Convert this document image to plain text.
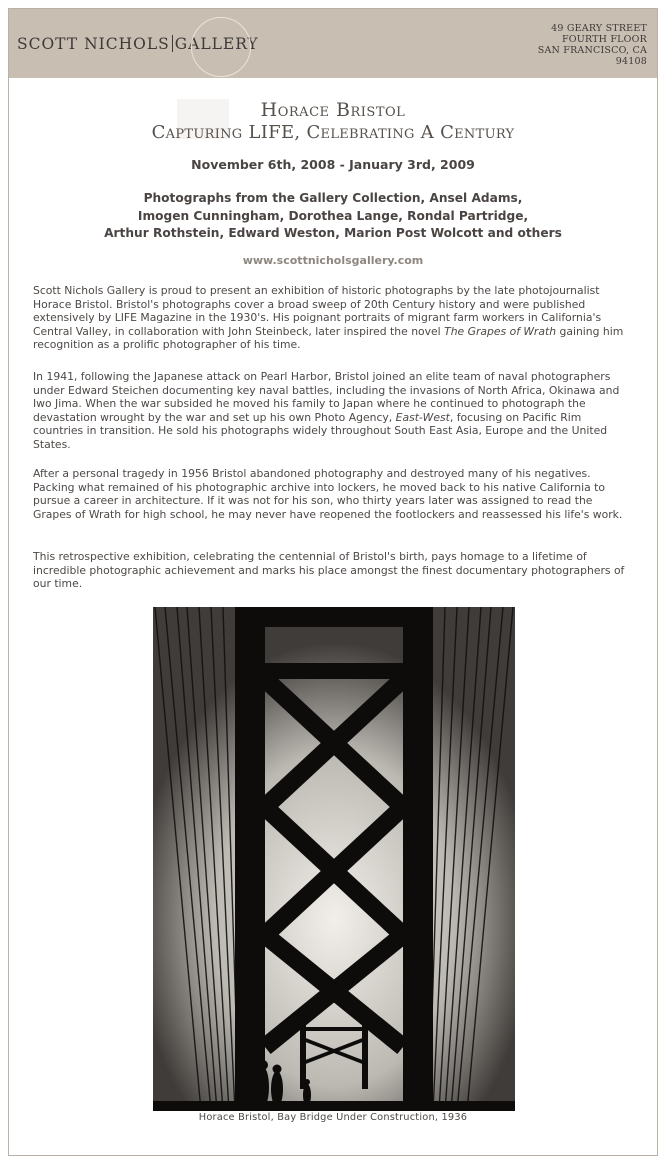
SCOTT NICHOLS GALLERY
49 GEARY STREET
FOURTH FLOOR
SAN FRANCISCO, CA
94108
Horace Bristol
Capturing LIFE, Celebrating A Century
November 6th, 2008 - January 3rd, 2009
Photographs from the Gallery Collection, Ansel Adams,
Imogen Cunningham, Dorothea Lange, Rondal Partridge,
Arthur Rothstein, Edward Weston, Marion Post Wolcott and others
www.scottnicholsgallery.com

Scott Nichols Gallery is proud to present an exhibition of historic photographs by the late photojournalist Horace Bristol. Bristol's photographs cover a broad sweep of 20th Century history and were published extensively by LIFE Magazine in the 1930's. His poignant portraits of migrant farm workers in California's Central Valley, in collaboration with John Steinbeck, later inspired the novel The Grapes of Wrath gaining him recognition as a prolific photographer of his time.

In 1941, following the Japanese attack on Pearl Harbor, Bristol joined an elite team of naval photographers under Edward Steichen documenting key naval battles, including the invasions of North Africa, Okinawa and Iwo Jima. When the war subsided he moved his family to Japan where he continued to photograph the devastation wrought by the war and set up his own Photo Agency, East-West, focusing on Pacific Rim countries in transition. He sold his photographs widely throughout South East Asia, Europe and the United States.

After a personal tragedy in 1956 Bristol abandoned photography and destroyed many of his negatives. Packing what remained of his photographic archive into lockers, he moved back to his native California to pursue a career in architecture. If it was not for his son, who thirty years later was assigned to read the Grapes of Wrath for high school, he may never have reopened the footlockers and reassessed his life's work.

This retrospective exhibition, celebrating the centennial of Bristol's birth, pays homage to a lifetime of incredible photographic achievement and marks his place amongst the finest documentary photographers of our time.

Horace Bristol, Bay Bridge Under Construction, 1936
